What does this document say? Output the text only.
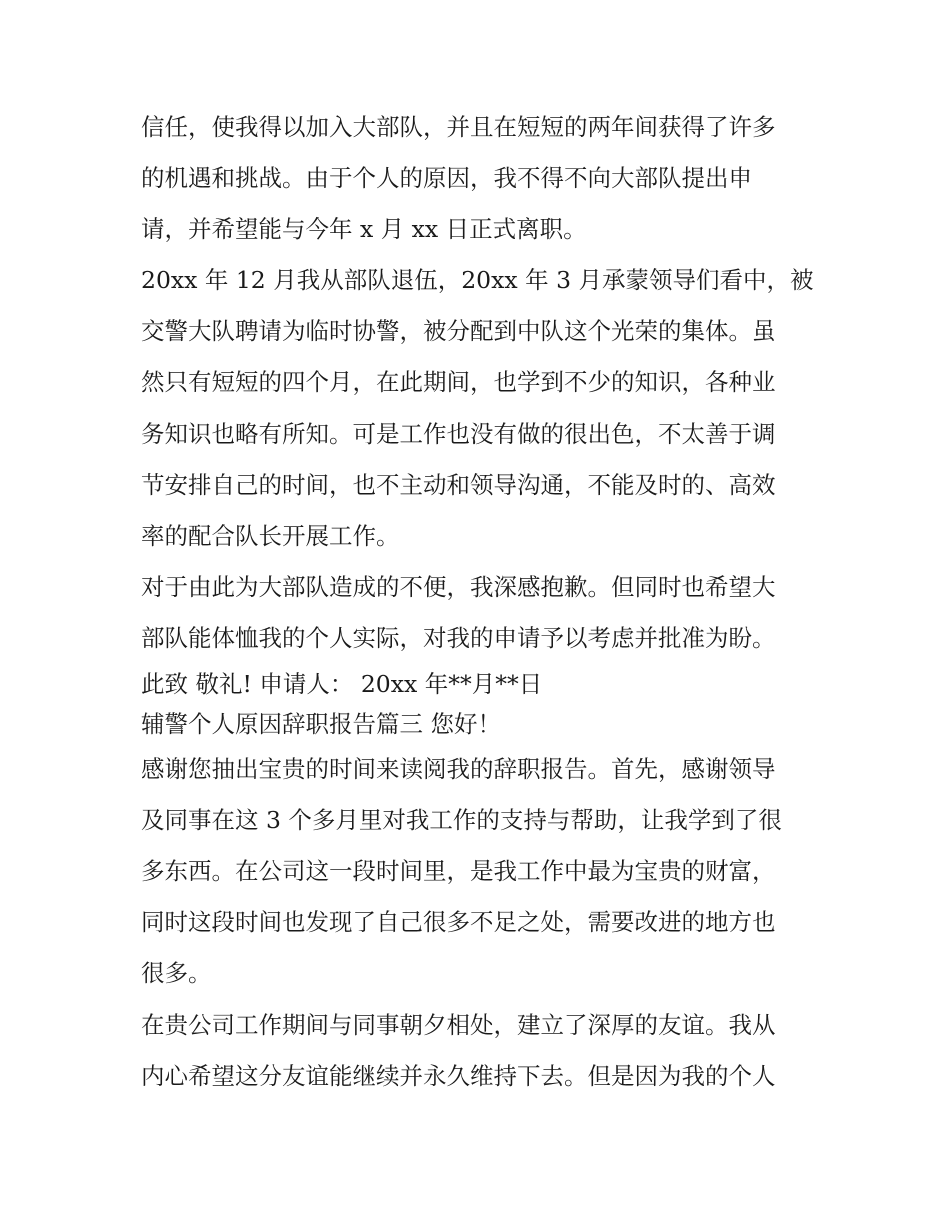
信任，使我得以加入大部队，并且在短短的两年间获得了许多

的机遇和挑战。由于个人的原因，我不得不向大部队提出申

请，并希望能与今年 x 月 xx 日正式离职。

20xx 年 12 月我从部队退伍，20xx 年 3 月承蒙领导们看中，被

交警大队聘请为临时协警，被分配到中队这个光荣的集体。虽

然只有短短的四个月，在此期间，也学到不少的知识，各种业

务知识也略有所知。可是工作也没有做的很出色，不太善于调

节安排自己的时间，也不主动和领导沟通，不能及时的、高效

率的配合队长开展工作。

对于由此为大部队造成的不便，我深感抱歉。但同时也希望大

部队能体恤我的个人实际，对我的申请予以考虑并批准为盼。

此致 敬礼! 申请人： 20xx 年**月**日

辅警个人原因辞职报告篇三 您好！

感谢您抽出宝贵的时间来读阅我的辞职报告。首先，感谢领导

及同事在这 3 个多月里对我工作的支持与帮助，让我学到了很

多东西。在公司这一段时间里，是我工作中最为宝贵的财富，

同时这段时间也发现了自己很多不足之处，需要改进的地方也

很多。

在贵公司工作期间与同事朝夕相处，建立了深厚的友谊。我从

内心希望这分友谊能继续并永久维持下去。但是因为我的个人
